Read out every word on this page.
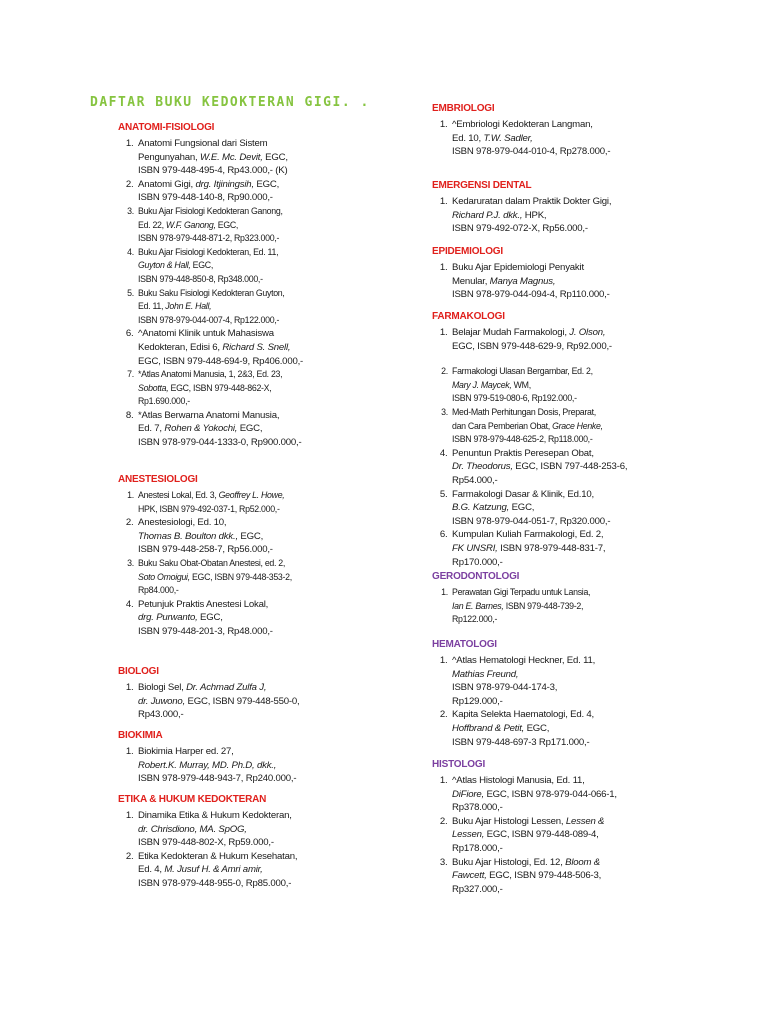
DAFTAR BUKU KEDOKTERAN GIGI. .
ANATOMI-FISIOLOGI
1. Anatomi Fungsional dari Sistem
Pengunyahan, W.E. Mc. Devit, EGC,
ISBN 979-448-495-4, Rp43.000,- (K)
2. Anatomi Gigi, drg. Itjiningsih, EGC,
ISBN 979-448-140-8, Rp90.000,-
3. Buku Ajar Fisiologi Kedokteran Ganong,
Ed. 22, W.F. Ganong, EGC,
ISBN 978-979-448-871-2, Rp323.000,-
4. Buku Ajar Fisiologi Kedokteran, Ed. 11,
Guyton & Hall, EGC,
ISBN 979-448-850-8, Rp348.000,-
5. Buku Saku Fisiologi Kedokteran Guyton,
Ed. 11, John E. Hall,
ISBN 978-979-044-007-4, Rp122.000,-
6. ^Anatomi Klinik untuk Mahasiswa
Kedokteran, Edisi 6, Richard S. Snell,
EGC, ISBN 979-448-694-9, Rp406.000,-
7. *Atlas Anatomi Manusia, 1, 2&3, Ed. 23,
Sobotta, EGC, ISBN 979-448-862-X,
Rp1.690.000,-
8. *Atlas Berwarna Anatomi Manusia,
Ed. 7, Rohen & Yokochi, EGC,
ISBN 978-979-044-1333-0, Rp900.000,-
ANESTESIOLOGI
1. Anestesi Lokal, Ed. 3, Geoffrey L. Howe,
HPK, ISBN 979-492-037-1, Rp52.000,-
2. Anestesiologi, Ed. 10,
Thomas B. Boulton dkk., EGC,
ISBN 979-448-258-7, Rp56.000,-
3. Buku Saku Obat-Obatan Anestesi, ed. 2,
Soto Omoigui, EGC, ISBN 979-448-353-2,
Rp84.000,-
4. Petunjuk Praktis Anestesi Lokal,
drg. Purwanto, EGC,
ISBN 979-448-201-3, Rp48.000,-
BIOLOGI
1. Biologi Sel, Dr. Achmad Zulfa J,
dr. Juwono, EGC, ISBN 979-448-550-0,
Rp43.000,-
BIOKIMIA
1. Biokimia Harper ed. 27,
Robert.K. Murray, MD. Ph.D, dkk.,
ISBN 978-979-448-943-7, Rp240.000,-
ETIKA & HUKUM KEDOKTERAN
1. Dinamika Etika & Hukum Kedokteran,
dr. Chrisdiono, MA. SpOG,
ISBN 979-448-802-X, Rp59.000,-
2. Etika Kedokteran & Hukum Kesehatan,
Ed. 4, M. Jusuf H. & Amri amir,
ISBN 978-979-448-955-0, Rp85.000,-
EMBRIOLOGI
1. ^Embriologi Kedokteran Langman,
Ed. 10, T.W. Sadler,
ISBN 978-979-044-010-4, Rp278.000,-
EMERGENSI DENTAL
1. Kedaruratan dalam Praktik Dokter Gigi,
Richard P.J. dkk., HPK,
ISBN 979-492-072-X, Rp56.000,-
EPIDEMIOLOGI
1. Buku Ajar Epidemiologi Penyakit
Menular, Manya Magnus,
ISBN 978-979-044-094-4, Rp110.000,-
FARMAKOLOGI
1. Belajar Mudah Farmakologi, J. Olson,
EGC, ISBN 979-448-629-9, Rp92.000,-
2. Farmakologi Ulasan Bergambar, Ed. 2,
Mary J. Maycek, WM,
ISBN 979-519-080-6, Rp192.000,-
3. Med-Math Perhitungan Dosis, Preparat,
dan Cara Pemberian Obat, Grace Henke,
ISBN 978-979-448-625-2, Rp118.000,-
4. Penuntun Praktis Peresepan Obat,
Dr. Theodorus, EGC, ISBN 797-448-253-6,
Rp54.000,-
5. Farmakologi Dasar & Klinik, Ed.10,
B.G. Katzung, EGC,
ISBN 978-979-044-051-7, Rp320.000,-
6. Kumpulan Kuliah Farmakologi, Ed. 2,
FK UNSRI, ISBN 978-979-448-831-7,
Rp170.000,-
GERODONTOLOGI
1. Perawatan Gigi Terpadu untuk Lansia,
Ian E. Barnes, ISBN 979-448-739-2,
Rp122.000,-
HEMATOLOGI
1. ^Atlas Hematologi Heckner, Ed. 11,
Mathias Freund,
ISBN 978-979-044-174-3,
Rp129.000,-
2. Kapita Selekta Haematologi, Ed. 4,
Hoffbrand & Petit, EGC,
ISBN 979-448-697-3 Rp171.000,-
HISTOLOGI
1. ^Atlas Histologi Manusia, Ed. 11,
DiFiore, EGC, ISBN 978-979-044-066-1,
Rp378.000,-
2. Buku Ajar Histologi Lessen, Lessen &
Lessen, EGC, ISBN 979-448-089-4,
Rp178.000,-
3. Buku Ajar Histologi, Ed. 12, Bloom &
Fawcett, EGC, ISBN 979-448-506-3,
Rp327.000,-
